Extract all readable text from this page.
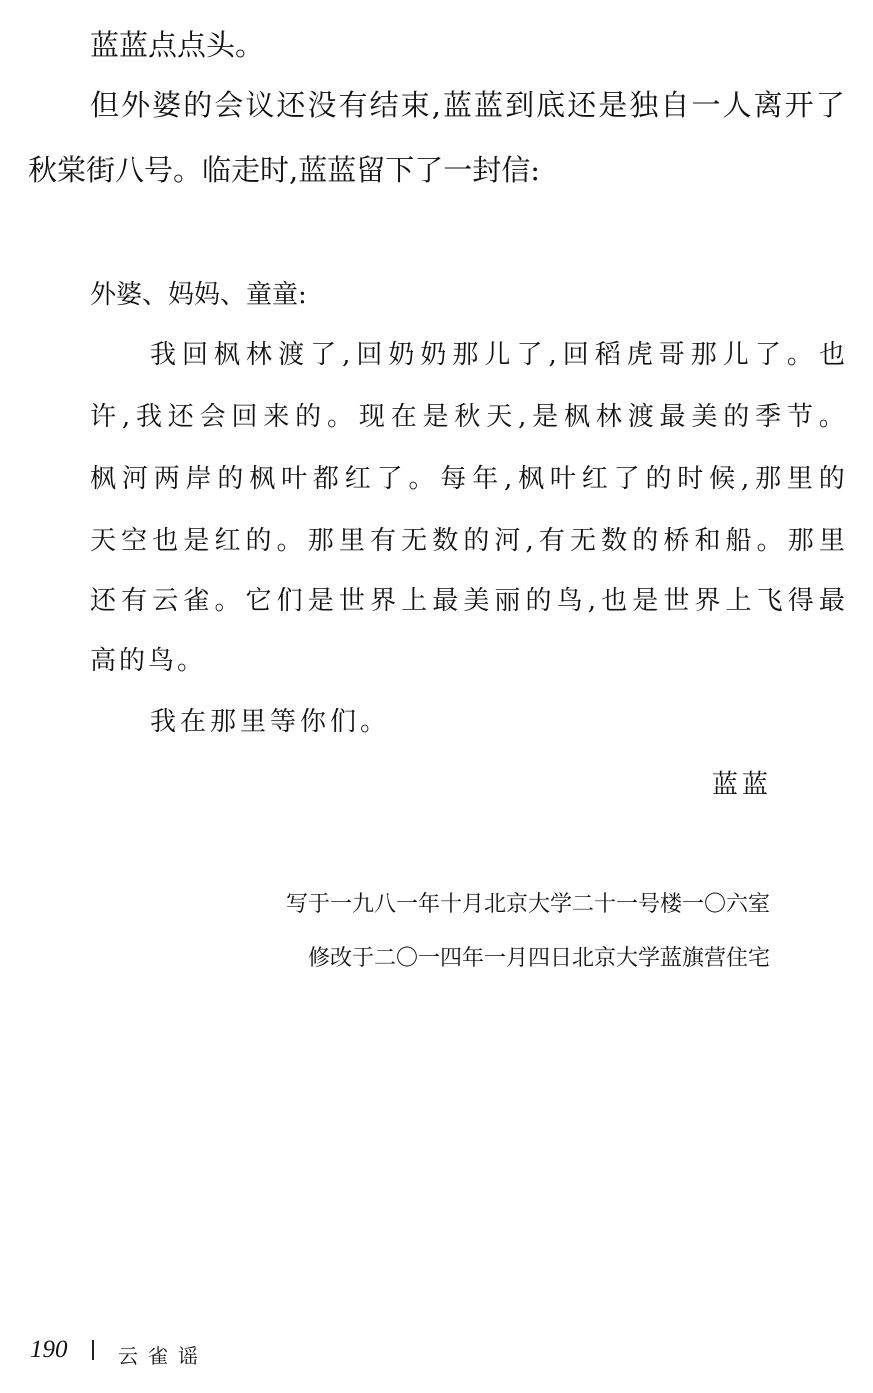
蓝蓝点点头。
但 外 婆 的 会 议 还 没 有 结 束 , 蓝 蓝 到 底 还 是 独 自 一 人 离 开 了
秋棠街八号。临走时,蓝蓝留下了一封信:
外婆、妈妈、童童:
我 回 枫 林 渡 了 , 回 奶 奶 那 儿 了 , 回 稻 虎 哥 那 儿 了 。 也
许 , 我 还 会 回 来 的 。 现 在 是 秋 天 , 是 枫 林 渡 最 美 的 季 节 。
枫 河 两 岸 的 枫 叶 都 红 了 。 每 年 , 枫 叶 红 了 的 时 候 , 那 里 的
天 空 也 是 红 的 。 那 里 有 无 数 的 河 , 有 无 数 的 桥 和 船 。 那 里
还 有 云 雀 。 它 们 是 世 界 上 最 美 丽 的 鸟 , 也 是 世 界 上 飞 得 最
高的鸟。
我在那里等你们。
蓝蓝
写于一九八一年十月北京大学二十一号楼一〇六室
修改于二〇一四年一月四日北京大学蓝旗营住宅
190	云雀谣
